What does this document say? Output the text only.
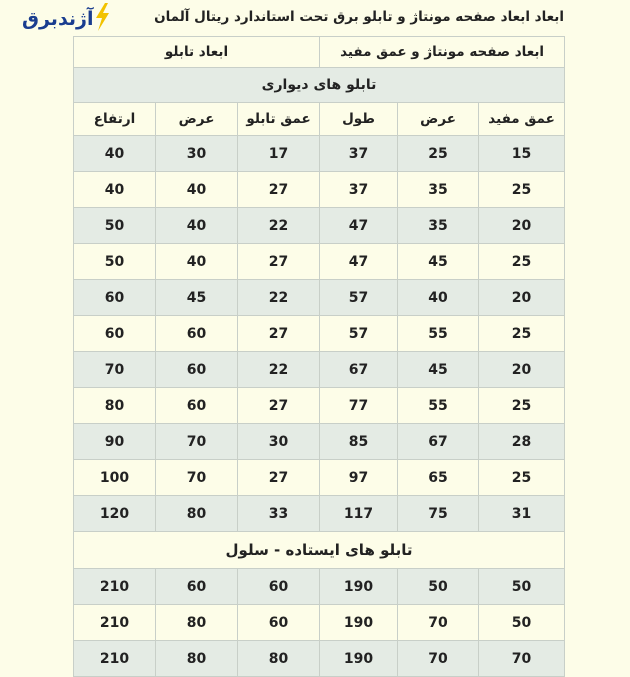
آژندبرق	ابعاد ابعاد صفحه مونتاژ و تابلو برق تحت استاندارد ریتال آلمان
ابعاد صفحه مونتاژ و عمق مفید			ابعاد تابلو		
تابلو های دیواری					
عمق مفید	عرض	طول	عمق تابلو	عرض	ارتفاع
15	25	37	17	30	40
25	35	37	27	40	40
20	35	47	22	40	50
25	45	47	27	40	50
20	40	57	22	45	60
25	55	57	27	60	60
20	45	67	22	60	70
25	55	77	27	60	80
28	67	85	30	70	90
25	65	97	27	70	100
31	75	117	33	80	120
تابلو های ایستاده - سلول					
50	50	190	60	60	210
50	70	190	60	80	210
70	70	190	80	80	210
